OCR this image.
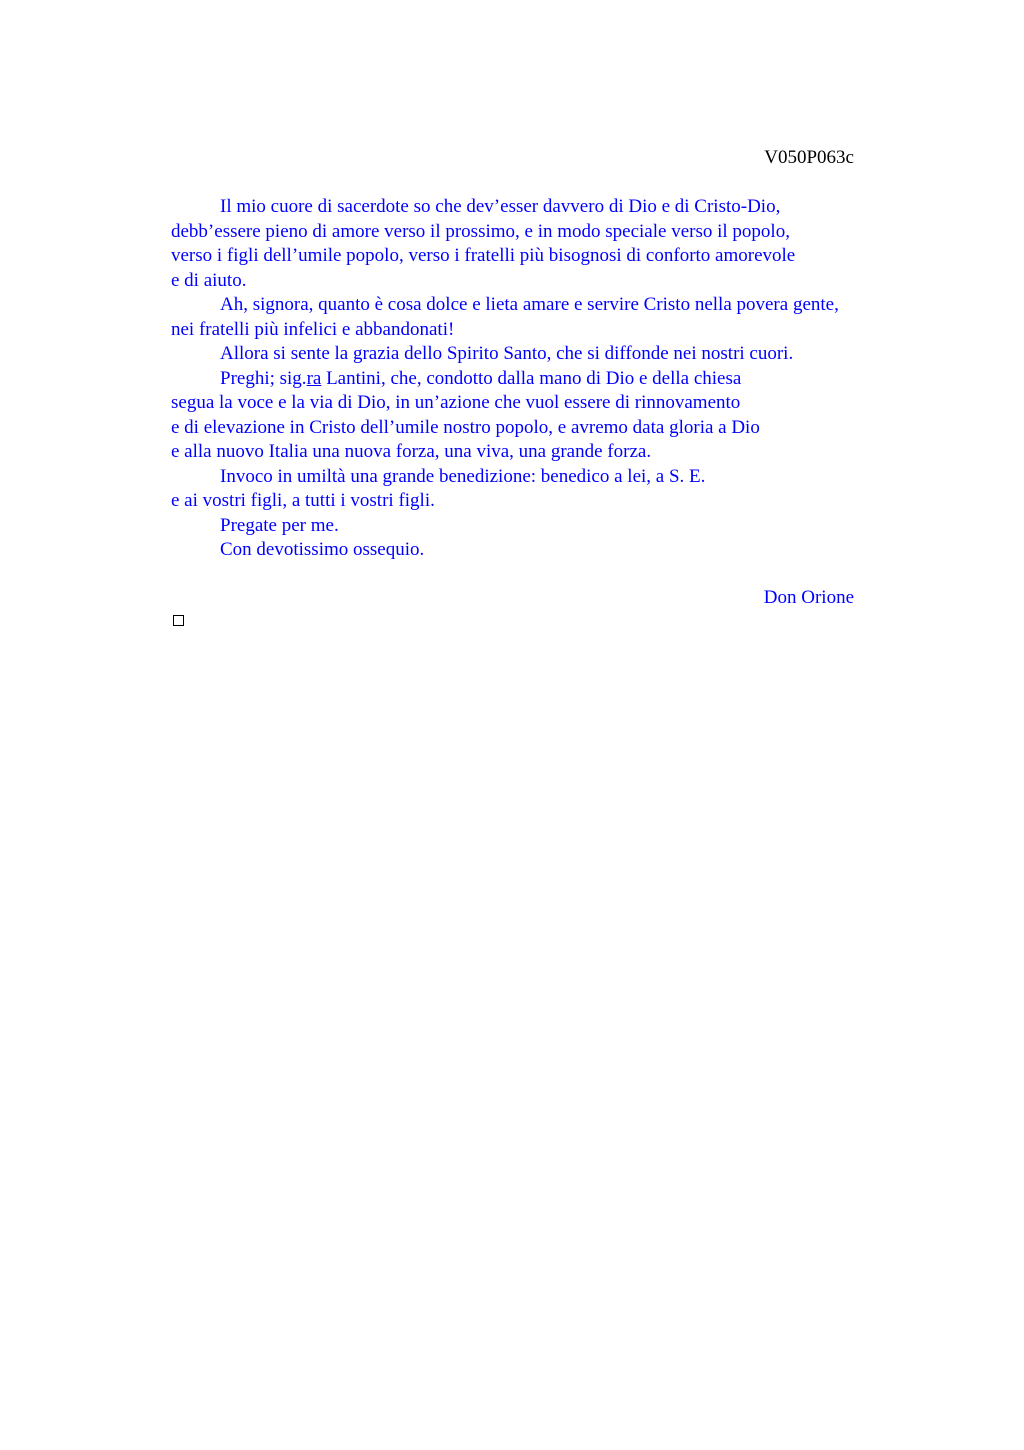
V050P063c
Il mio cuore di sacerdote so che dev’esser davvero di Dio e di Cristo-Dio,
debb’essere pieno di amore verso il prossimo, e in modo speciale verso il popolo,
verso i figli dell’umile popolo, verso i fratelli più bisognosi di conforto amorevole
e di aiuto.
Ah, signora, quanto è cosa dolce e lieta amare e servire Cristo nella povera gente,
nei fratelli più infelici e abbandonati!
Allora si sente la grazia dello Spirito Santo, che si diffonde nei nostri cuori.
Preghi; sig.ra Lantini, che, condotto dalla mano di Dio e della chiesa
segua la voce e la via di Dio, in un’azione che vuol essere di rinnovamento
e di elevazione in Cristo dell’umile nostro popolo, e avremo data gloria a Dio
e alla nuovo Italia una nuova forza, una viva, una grande forza.
Invoco in umiltà una grande benedizione: benedico a lei, a S. E.
e ai vostri figli, a tutti i vostri figli.
Pregate per me.
Con devotissimo ossequio.
Don Orione
